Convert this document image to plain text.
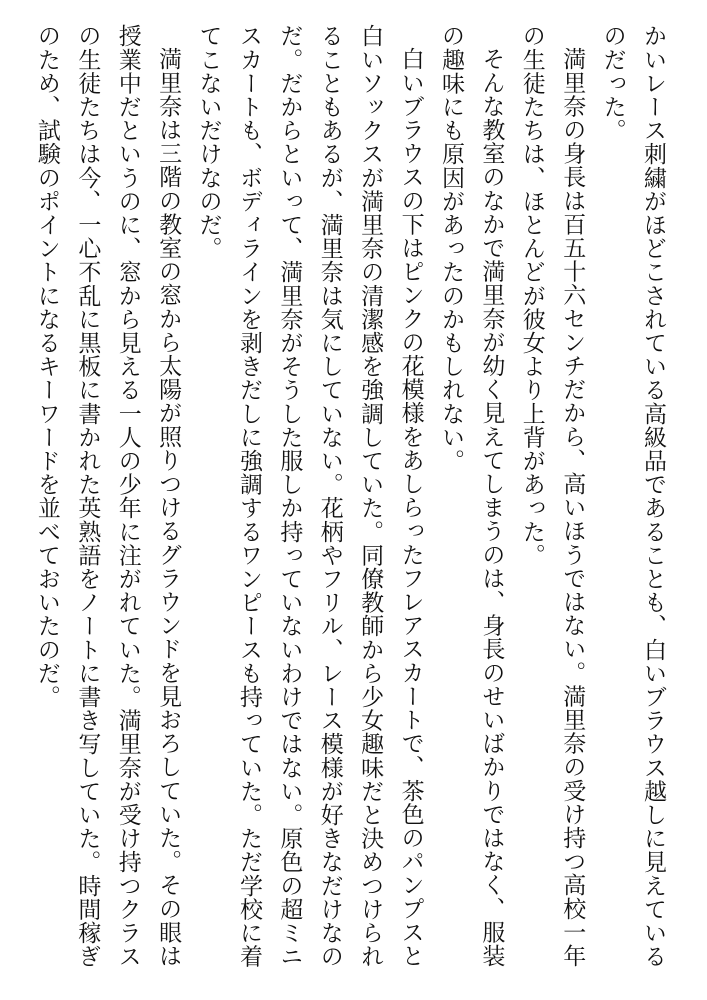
かいレース刺繍がほどこされている高級品であることも、白いブラウス越しに見えているのだった。

満里奈の身長は百五十六センチだから、高いほうではない。満里奈の受け持つ高校一年の生徒たちは、ほとんどが彼女より上背があった。

そんな教室のなかで満里奈が幼く見えてしまうのは、身長のせいばかりではなく、服装の趣味にも原因があったのかもしれない。

白いブラウスの下はピンクの花模様をあしらったフレアスカートで、茶色のパンプスと白いソックスが満里奈の清潔感を強調していた。同僚教師から少女趣味だと決めつけられることもあるが、満里奈は気にしていない。花柄やフリル、レース模様が好きなだけなのだ。だからといって、満里奈がそうした服しか持っていないわけではない。原色の超ミニスカートも、ボディラインを剥きだしに強調するワンピースも持っていた。ただ学校に着てこないだけなのだ。

満里奈は三階の教室の窓から太陽が照りつけるグラウンドを見おろしていた。その眼は授業中だというのに、窓から見える一人の少年に注がれていた。満里奈が受け持つクラスの生徒たちは今、一心不乱に黒板に書かれた英熟語をノートに書き写していた。時間稼ぎのため、試験のポイントになるキーワードを並べておいたのだ。
